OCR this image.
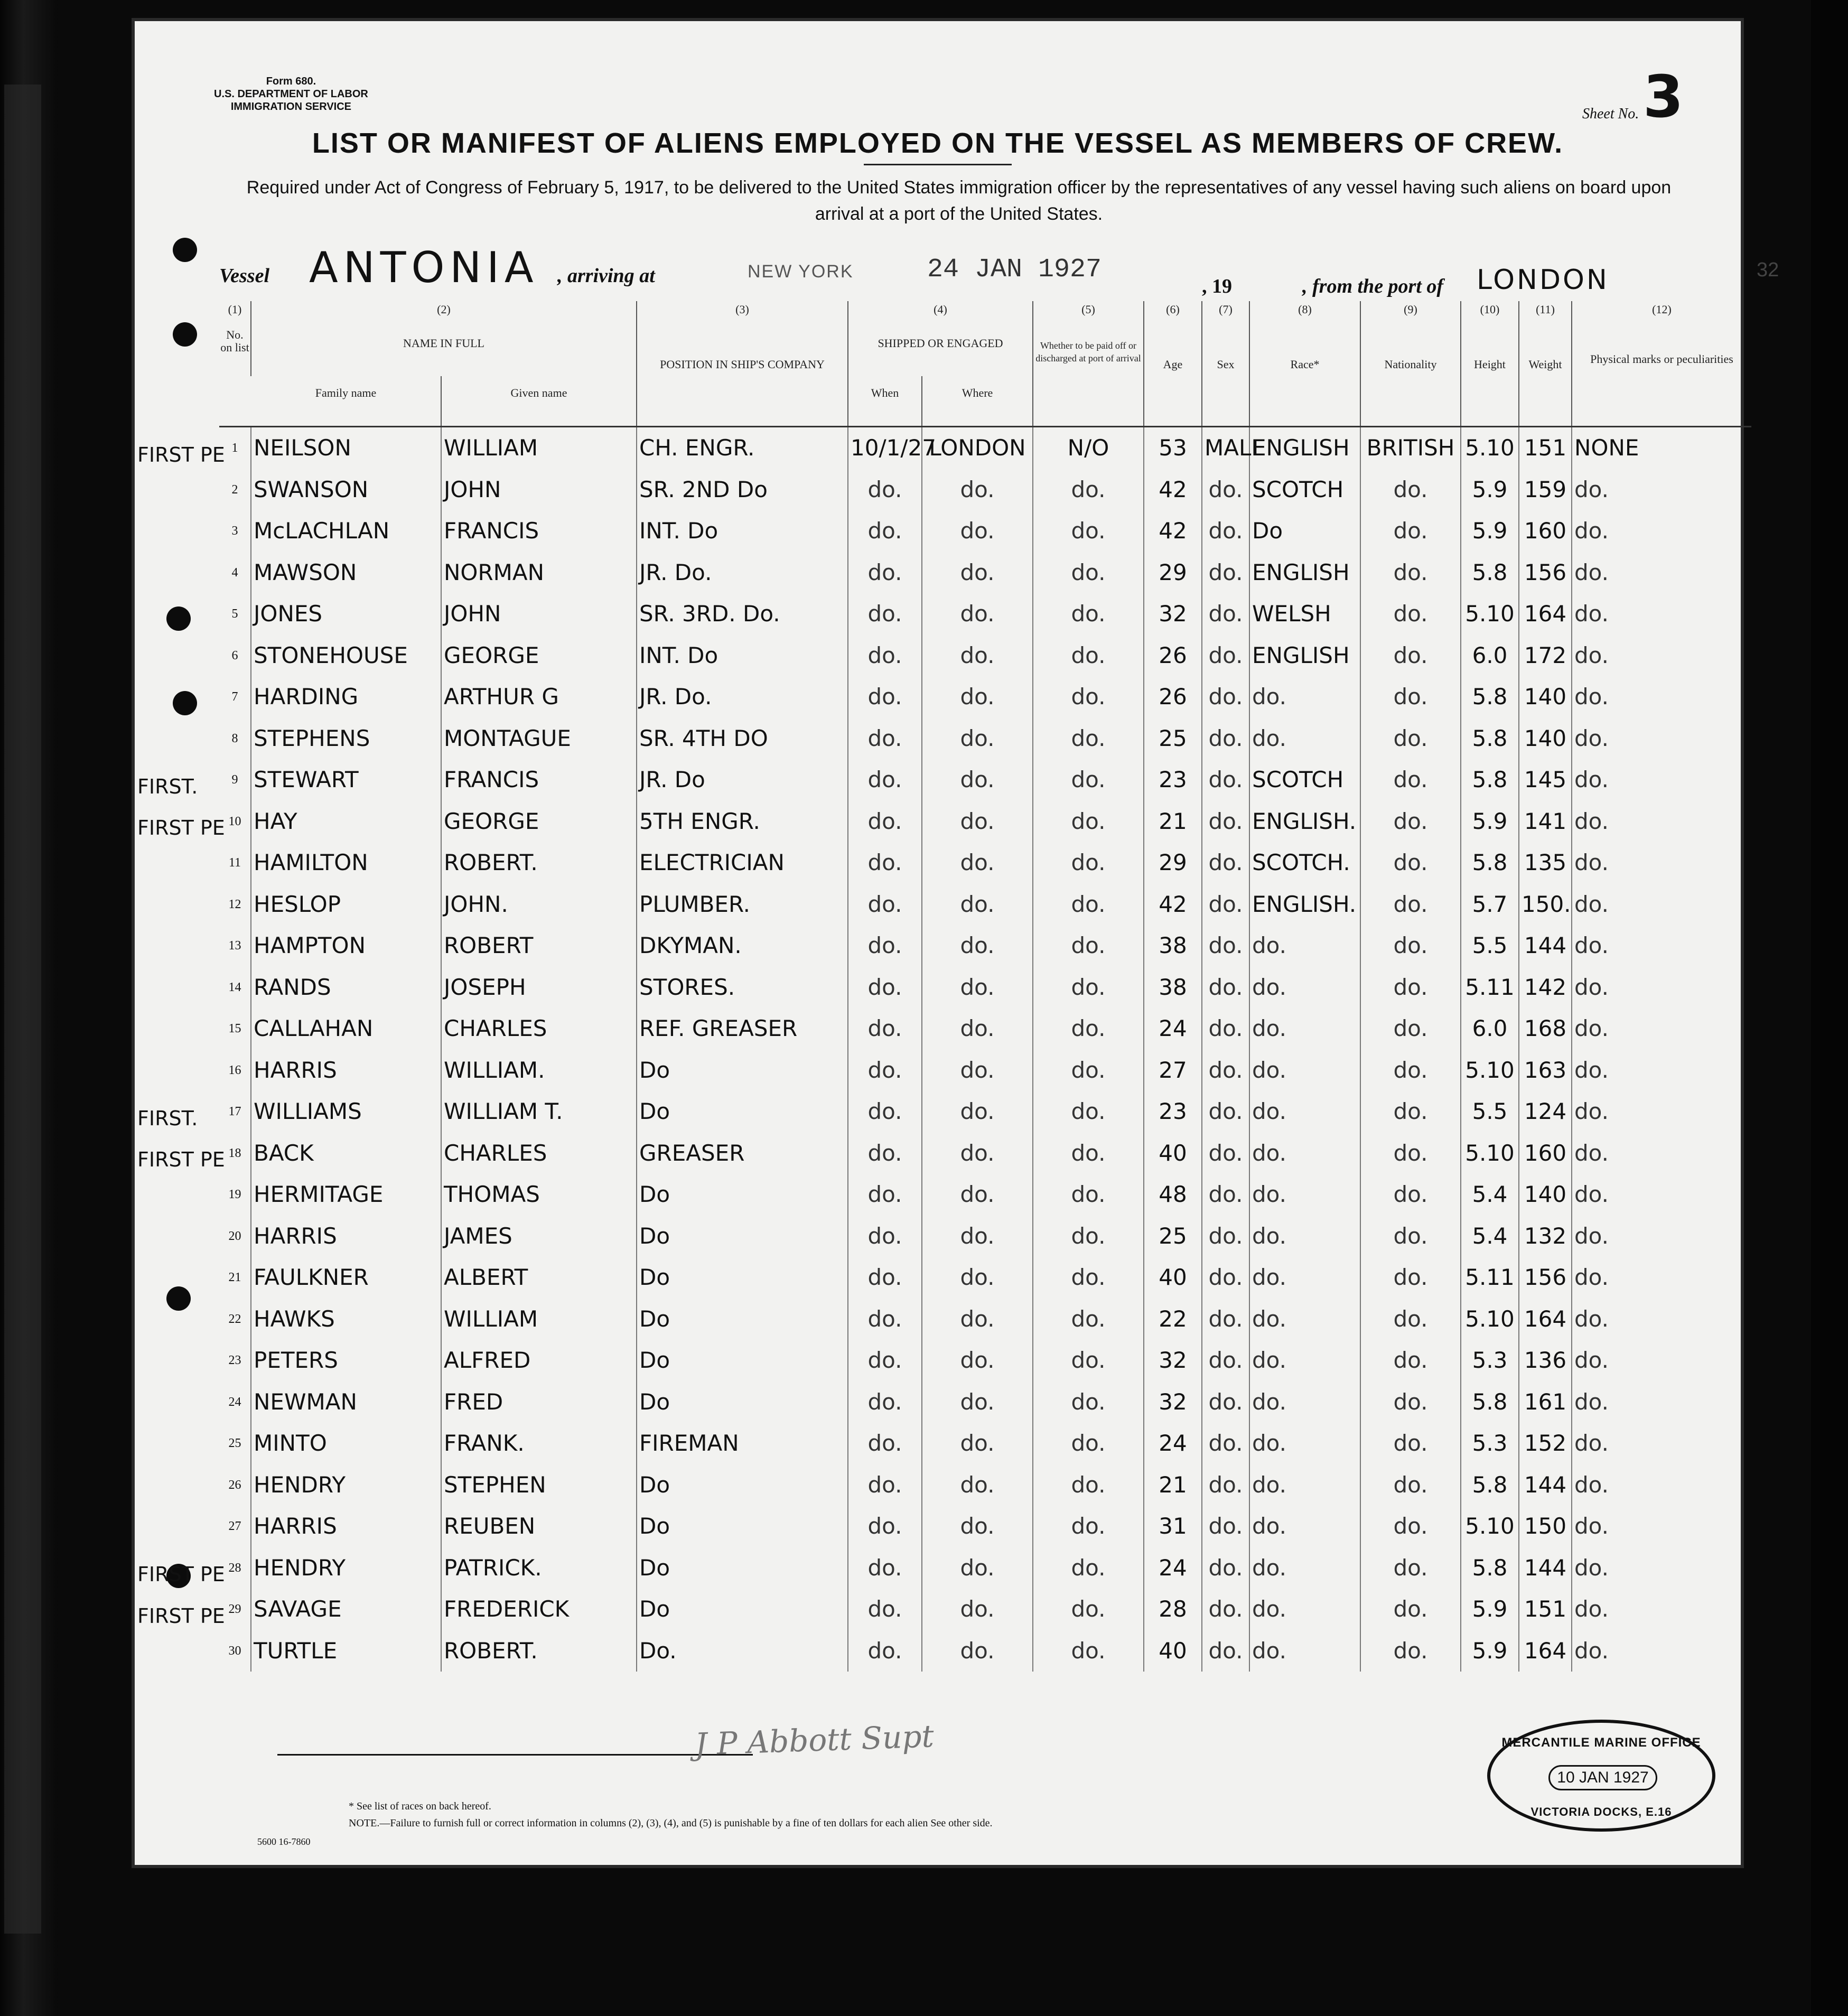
Form 680.
U.S. DEPARTMENT OF LABOR
IMMIGRATION SERVICE	Sheet No. 3
LIST OR MANIFEST OF ALIENS EMPLOYED ON THE VESSEL AS MEMBERS OF CREW.
Required under Act of Congress of February 5, 1917, to be delivered to the United States immigration officer by the representatives of any vessel having such aliens on board upon arrival at a port of the United States.
Vessel ANTONIA , arriving at	NEW YORK	24 JAN 1927
, 19	, from the port of LONDON	32
(1)	(2)		(3)	(4)		(5)	(6)	(7)	(8)	(9)	(10)	(11)	(12)
No. on list	NAME IN FULL		POSITION IN SHIP'S COMPANY	SHIPPED OR ENGAGED		Whether to be paid off or discharged at port of arrival	Age	Sex	Race*	Nationality	Height	Weight	Physical marks or peculiarities
	Family name	Given name		When	Where								
1	NEILSON	WILLIAM	CH. ENGR.	10/1/27	LONDON	N/O	53	MALE	ENGLISH	BRITISH	5.10	151	NONE
2	SWANSON	JOHN	SR. 2ND Do	do.	do.	do.	42	do.	SCOTCH	do.	5.9	159	do.
3	McLACHLAN	FRANCIS	INT. Do	do.	do.	do.	42	do.	Do	do.	5.9	160	do.
4	MAWSON	NORMAN	JR. Do.	do.	do.	do.	29	do.	ENGLISH	do.	5.8	156	do.
5	JONES	JOHN	SR. 3RD. Do.	do.	do.	do.	32	do.	WELSH	do.	5.10	164	do.
6	STONEHOUSE	GEORGE	INT. Do	do.	do.	do.	26	do.	ENGLISH	do.	6.0	172	do.
7	HARDING	ARTHUR G	JR. Do.	do.	do.	do.	26	do.	do.	do.	5.8	140	do.
8	STEPHENS	MONTAGUE	SR. 4TH DO	do.	do.	do.	25	do.	do.	do.	5.8	140	do.
9	STEWART	FRANCIS	JR. Do	do.	do.	do.	23	do.	SCOTCH	do.	5.8	145	do.
10	HAY	GEORGE	5TH ENGR.	do.	do.	do.	21	do.	ENGLISH.	do.	5.9	141	do.
11	HAMILTON	ROBERT.	ELECTRICIAN	do.	do.	do.	29	do.	SCOTCH.	do.	5.8	135	do.
12	HESLOP	JOHN.	PLUMBER.	do.	do.	do.	42	do.	ENGLISH.	do.	5.7	150.	do.
13	HAMPTON	ROBERT	DKYMAN.	do.	do.	do.	38	do.	do.	do.	5.5	144	do.
14	RANDS	JOSEPH	STORES.	do.	do.	do.	38	do.	do.	do.	5.11	142	do.
15	CALLAHAN	CHARLES	REF. GREASER	do.	do.	do.	24	do.	do.	do.	6.0	168	do.
16	HARRIS	WILLIAM.	Do	do.	do.	do.	27	do.	do.	do.	5.10	163	do.
17	WILLIAMS	WILLIAM T.	Do	do.	do.	do.	23	do.	do.	do.	5.5	124	do.
18	BACK	CHARLES	GREASER	do.	do.	do.	40	do.	do.	do.	5.10	160	do.
19	HERMITAGE	THOMAS	Do	do.	do.	do.	48	do.	do.	do.	5.4	140	do.
20	HARRIS	JAMES	Do	do.	do.	do.	25	do.	do.	do.	5.4	132	do.
21	FAULKNER	ALBERT	Do	do.	do.	do.	40	do.	do.	do.	5.11	156	do.
22	HAWKS	WILLIAM	Do	do.	do.	do.	22	do.	do.	do.	5.10	164	do.
23	PETERS	ALFRED	Do	do.	do.	do.	32	do.	do.	do.	5.3	136	do.
24	NEWMAN	FRED	Do	do.	do.	do.	32	do.	do.	do.	5.8	161	do.
25	MINTO	FRANK.	FIREMAN	do.	do.	do.	24	do.	do.	do.	5.3	152	do.
26	HENDRY	STEPHEN	Do	do.	do.	do.	21	do.	do.	do.	5.8	144	do.
27	HARRIS	REUBEN	Do	do.	do.	do.	31	do.	do.	do.	5.10	150	do.
28	HENDRY	PATRICK.	Do	do.	do.	do.	24	do.	do.	do.	5.8	144	do.
29	SAVAGE	FREDERICK	Do	do.	do.	do.	28	do.	do.	do.	5.9	151	do.
30	TURTLE	ROBERT.	Do.	do.	do.	do.	40	do.	do.	do.	5.9	164	do.
FIRST PE
FIRST.
FIRST PE
FIRST.
FIRST PE
FIRST PE
FIRST PE
J P Abbott Supt
* See list of races on back hereof.
NOTE.—Failure to furnish full or correct information in columns (2), (3), (4), and (5) is punishable by a fine of ten dollars for each alien See other side.
5600 16-7860
MERCANTILE MARINE OFFICE
10 JAN 1927
VICTORIA DOCKS, E.16
